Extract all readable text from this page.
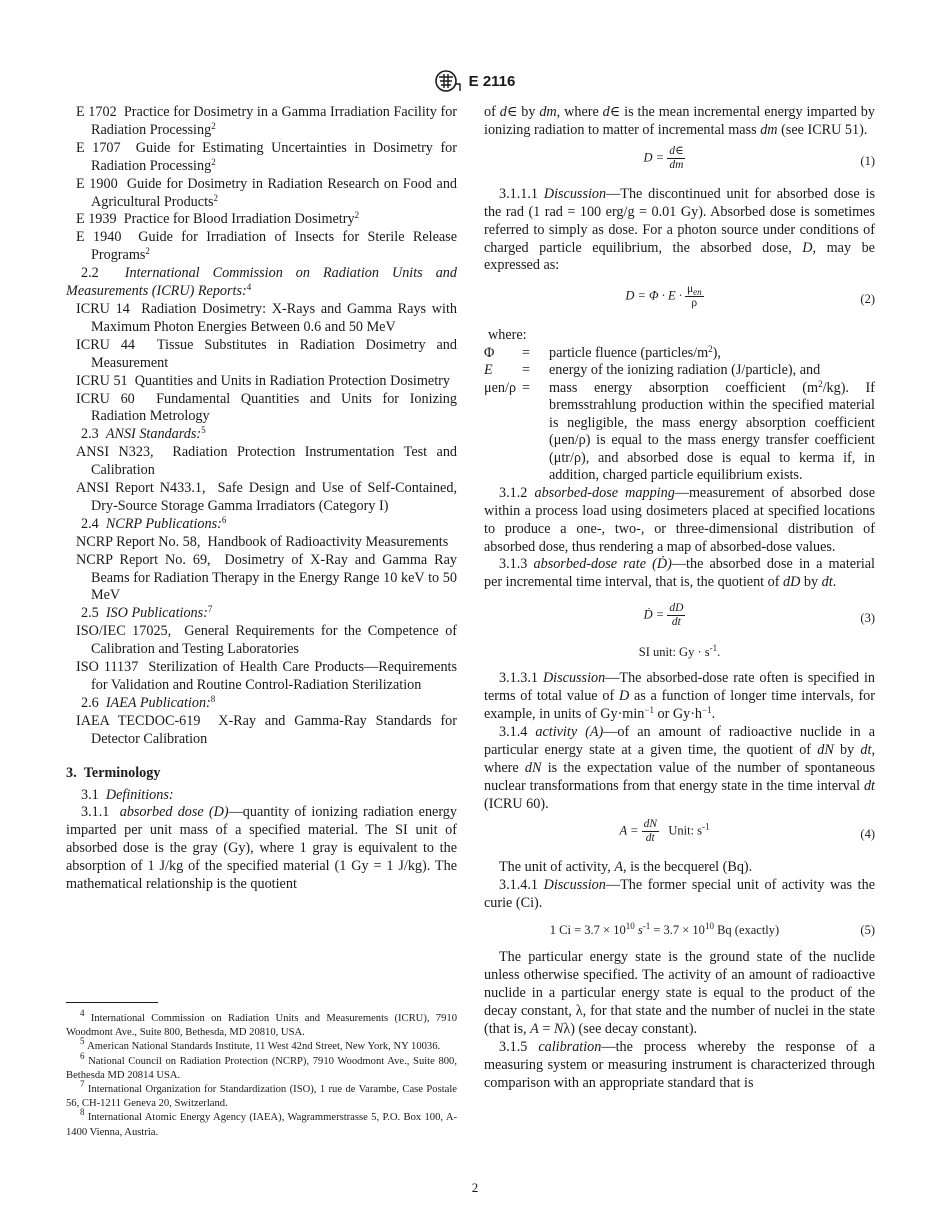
E 2116

E 1702 Practice for Dosimetry in a Gamma Irradiation Facility for Radiation Processing$^2$

E 1707 Guide for Estimating Uncertainties in Dosimetry for Radiation Processing$^2$

E 1900 Guide for Dosimetry in Radiation Research on Food and Agricultural Products$^2$

E 1939 Practice for Blood Irradiation Dosimetry$^2$

E 1940 Guide for Irradiation of Insects for Sterile Release Programs$^2$

2.2 International Commission on Radiation Units and Measurements (ICRU) Reports:$^4$

ICRU 14 Radiation Dosimetry: X-Rays and Gamma Rays with Maximum Photon Energies Between 0.6 and 50 MeV

ICRU 44 Tissue Substitutes in Radiation Dosimetry and Measurement

ICRU 51 Quantities and Units in Radiation Protection Dosimetry

ICRU 60 Fundamental Quantities and Units for Ionizing Radiation Metrology

2.3 ANSI Standards:$^5$

ANSI N323, Radiation Protection Instrumentation Test and Calibration

ANSI Report N433.1, Safe Design and Use of Self-Contained, Dry-Source Storage Gamma Irradiators (Category I)

2.4 NCRP Publications:$^6$

NCRP Report No. 58, Handbook of Radioactivity Measurements

NCRP Report No. 69, Dosimetry of X-Ray and Gamma Ray Beams for Radiation Therapy in the Energy Range 10 keV to 50 MeV

2.5 ISO Publications:$^7$

ISO/IEC 17025, General Requirements for the Competence of Calibration and Testing Laboratories

ISO 11137 Sterilization of Health Care Products—Requirements for Validation and Routine Control-Radiation Sterilization

2.6 IAEA Publication:$^8$

IAEA TECDOC-619 X-Ray and Gamma-Ray Standards for Detector Calibration

3. Terminology

3.1 Definitions:

3.1.1 absorbed dose (D)—quantity of ionizing radiation energy imparted per unit mass of a specified material. The SI unit of absorbed dose is the gray (Gy), where 1 gray is equivalent to the absorption of 1 J/kg of the specified material (1 Gy = 1 J/kg). The mathematical relationship is the quotient

$^4$ International Commission on Radiation Units and Measurements (ICRU), 7910 Woodmont Ave., Suite 800, Bethesda, MD 20810, USA.
$^5$ American National Standards Institute, 11 West 42nd Street, New York, NY 10036.
$^6$ National Council on Radiation Protection (NCRP), 7910 Woodmont Ave., Suite 800, Bethesda MD 20814 USA.
$^7$ International Organization for Standardization (ISO), 1 rue de Varambe, Case Postale 56, CH-1211 Geneva 20, Switzerland.
$^8$ International Atomic Energy Agency (IAEA), Wagrammerstrasse 5, P.O. Box 100, A-1400 Vienna, Austria.

of d∈ by dm, where d∈ is the mean incremental energy imparted by ionizing radiation to matter of incremental mass dm (see ICRU 51).

$D = \frac{d\in}{dm}$	(1)

3.1.1.1 Discussion—The discontinued unit for absorbed dose is the rad (1 rad = 100 erg/g = 0.01 Gy). Absorbed dose is sometimes referred to simply as dose. For a photon source under conditions of charged particle equilibrium, the absorbed dose, D, may be expressed as:

$D = \Phi \cdot E \cdot \frac{\mu_{en}}{\rho}$	(2)
where:
Φ	=	particle fluence $(particles/m^2)$,
E	=	energy of the ionizing radiation (J/particle), and
μen/ρ =	mass energy absorption coefficient $(m^2/kg)$. If bremsstrahlung production within the specified material is negligible, the mass energy absorption coefficient (μen/ρ) is equal to the mass energy transfer coefficient (μtr/ρ), and absorbed dose is equal to kerma if, in addition, charged particle equilibrium exists.

3.1.2 absorbed-dose mapping—measurement of absorbed dose within a process load using dosimeters placed at specified locations to produce a one-, two-, or three-dimensional distribution of absorbed dose, thus rendering a map of absorbed-dose values.

3.1.3 absorbed-dose rate (Ḋ)—the absorbed dose in a material per incremental time interval, that is, the quotient of dD by dt.

Ḋ = $\frac{dD}{dt}$	(3)
SI unit: $Gy \cdot s^{-1}$.

3.1.3.1 Discussion—The absorbed-dose rate often is specified in terms of total value of D as a function of longer time intervals, for example, in units of $Gy\cdot\min^{-1}$ or $Gy\cdot h^{-1}$.

3.1.4 activity (A)—of an amount of radioactive nuclide in a particular energy state at a given time, the quotient of dN by dt, where dN is the expectation value of the number of spontaneous nuclear transformations from that energy state in the time interval dt (ICRU 60).

$A = \frac{dN}{dt}$ Unit: $s^{-1}$
(4)

The unit of activity, A, is the becquerel (Bq).

3.1.4.1 Discussion—The former special unit of activity was the curie (Ci).

1 $Ci = 3.7 \times 10^{10}$ $s^{-1} = 3.7 \times 10^{10}$ Bq (exactly)	(5)

The particular energy state is the ground state of the nuclide unless otherwise specified. The activity of an amount of radioactive nuclide in a particular energy state is equal to the product of the decay constant, λ, for that state and the number of nuclei in the state (that is, A = Nλ) (see decay constant).

3.1.5 calibration—the process whereby the response of a measuring system or measuring instrument is characterized through comparison with an appropriate standard that is

2
